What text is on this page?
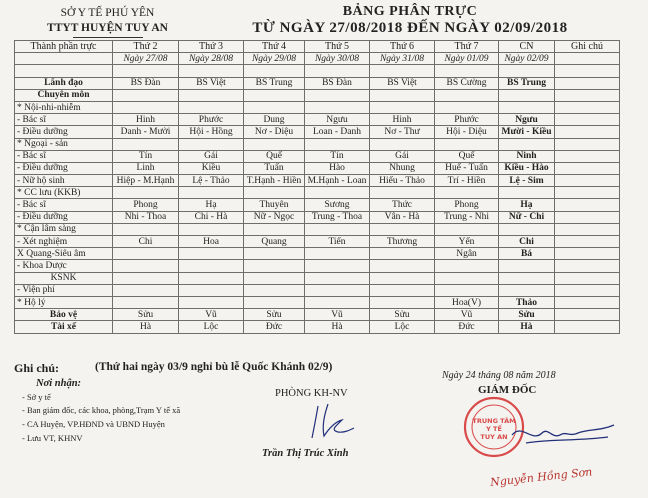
SỞ Y TẾ PHÚ YÊN
TTYT HUYỆN TUY AN
BẢNG PHÂN TRỰC
TỪ NGÀY 27/08/2018 ĐẾN NGÀY 02/09/2018
Thành phần trực	Thứ 2	Thứ 3	Thứ 4	Thứ 5	Thứ 6	Thứ 7	CN	Ghi chú
	Ngày 27/08	Ngày 28/08	Ngày 29/08	Ngày 30/08	Ngày 31/08	Ngày 01/09	Ngày 02/09	

Lãnh đạo	BS Đàn	BS Việt	BS Trung	BS Đàn	BS Việt	BS Cường	BS Trung	
Chuyên môn								
* Nội-nhi-nhiễm								
- Bác sĩ	Hinh	Phước	Dung	Ngưu	Hinh	Phước	Ngưu	
- Điều dưỡng	Danh - Mười	Hội - Hồng	Nơ - Diệu	Loan - Danh	Nơ - Thư	Hội - Diệu	Mười - Kiều	
* Ngoại - sản								
- Bác sĩ	Tín	Gái	Quế	Tín	Gái	Quế	Ninh	
- Điều dưỡng	Linh	Kiều	Tuấn	Hào	Nhung	Huế - Tuấn	Kiều - Hào	
- Nữ hộ sinh	Hiệp - M.Hạnh	Lệ - Thảo	T.Hạnh - Hiền	M.Hạnh - Loan	Hiếu - Thảo	Trí - Hiền	Lệ - Sim	
* CC lưu (KKB)								
- Bác sĩ	Phong	Hạ	Thuyên	Sương	Thức	Phong	Hạ	
- Điều dưỡng	Nhi - Thoa	Chi - Hà	Nữ - Ngọc	Trung - Thoa	Vân - Hà	Trung - Nhi	Nữ - Chi	
* Cận lâm sàng								
- Xét nghiệm	Chi	Hoa	Quang	Tiến	Thương	Yến	Chi	
X Quang-Siêu âm						Ngân	Bá	
- Khoa Dược								
KSNK								
- Viện phí								
* Hộ lý						Hoa(V)	Thảo	
Bảo vệ	Sửu	Vũ	Sửu	Vũ	Sửu	Vũ	Sửu	
Tài xế	Hà	Lộc	Đức	Hà	Lộc	Đức	Hà	
Ghi chú:	(Thứ hai ngày 03/9 nghỉ bù lễ Quốc Khánh 02/9)
Nơi nhận:
- Sở y tế
- Ban giám đốc, các khoa, phòng,Trạm Y tế xã
- CA Huyện, VP.HĐND và UBND Huyện
- Lưu VT, KHNV
PHÒNG KH-NV
Trần Thị Trúc Xinh
Ngày 24 tháng 08 năm 2018
GIÁM ĐỐC
TRUNG TÂM
Y TẾ
TUY AN
Nguyễn Hồng Sơn
